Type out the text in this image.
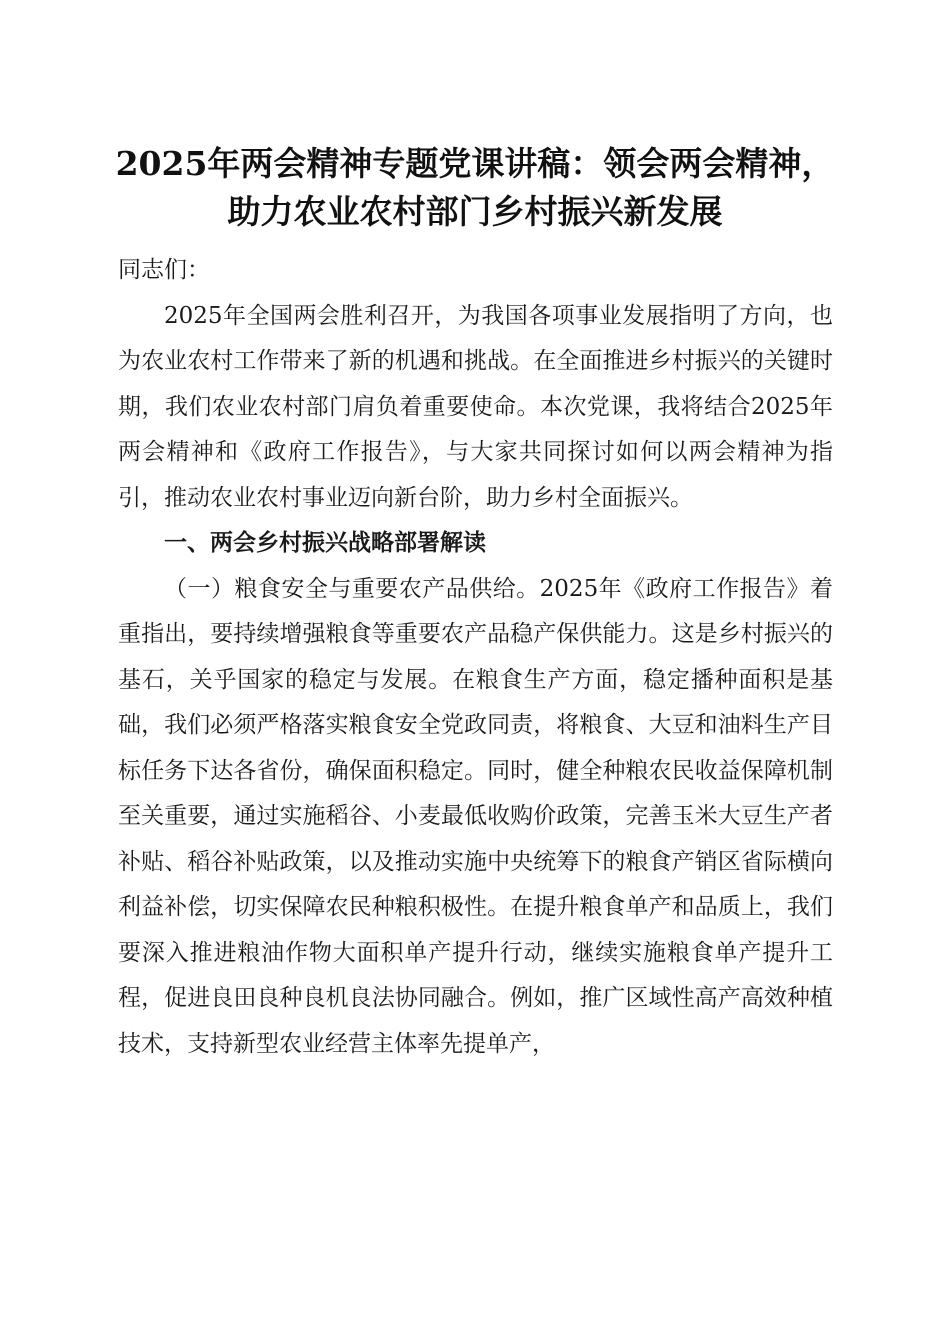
2025年两会精神专题党课讲稿：领会两会精神，助力农业农村部门乡村振兴新发展

同志们：

2025年全国两会胜利召开，为我国各项事业发展指明了方向，也为农业农村工作带来了新的机遇和挑战。在全面推进乡村振兴的关键时期，我们农业农村部门肩负着重要使命。本次党课，我将结合2025年两会精神和《政府工作报告》，与大家共同探讨如何以两会精神为指引，推动农业农村事业迈向新台阶，助力乡村全面振兴。

一、两会乡村振兴战略部署解读

（一）粮食安全与重要农产品供给。2025年《政府工作报告》着重指出，要持续增强粮食等重要农产品稳产保供能力。这是乡村振兴的基石，关乎国家的稳定与发展。在粮食生产方面，稳定播种面积是基础，我们必须严格落实粮食安全党政同责，将粮食、大豆和油料生产目标任务下达各省份，确保面积稳定。同时，健全种粮农民收益保障机制至关重要，通过实施稻谷、小麦最低收购价政策，完善玉米大豆生产者补贴、稻谷补贴政策，以及推动实施中央统筹下的粮食产销区省际横向利益补偿，切实保障农民种粮积极性。在提升粮食单产和品质上，我们要深入推进粮油作物大面积单产提升行动，继续实施粮食单产提升工程，促进良田良种良机良法协同融合。例如，推广区域性高产高效种植技术，支持新型农业经营主体率先提单产，
